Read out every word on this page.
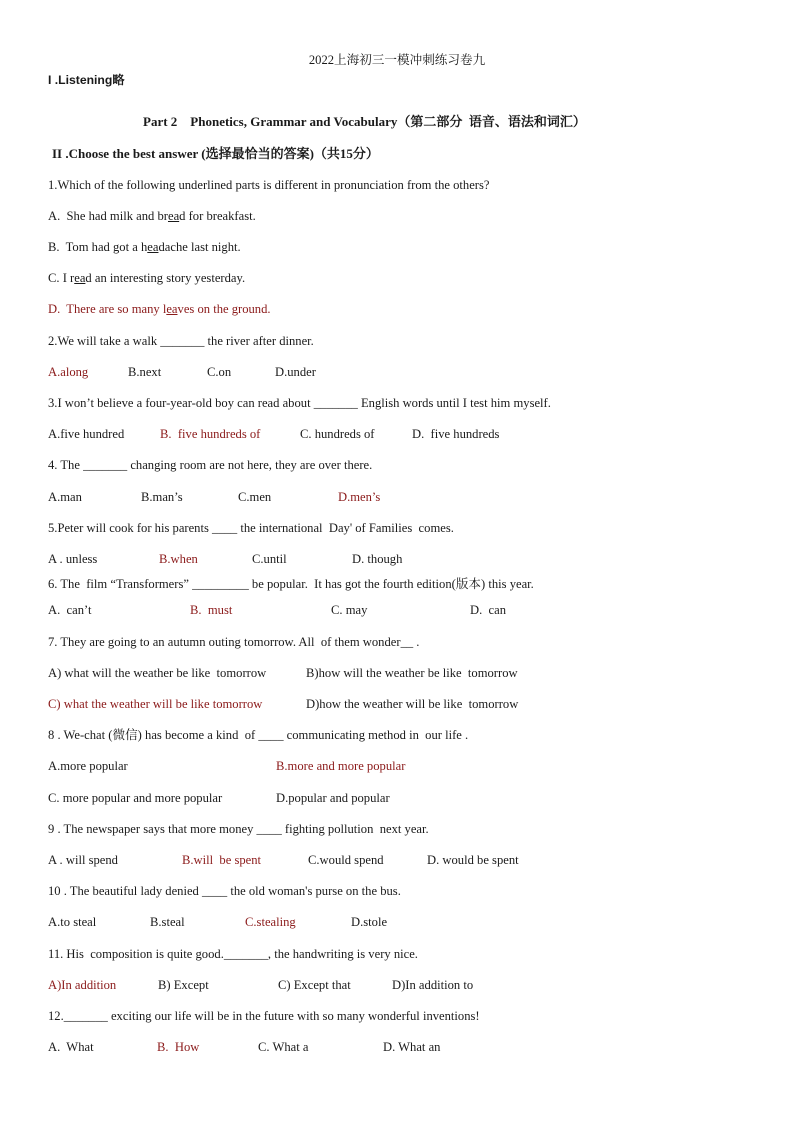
2022上海初三一模冲刺练习卷九
I .Listening略
Part 2    Phonetics, Grammar and Vocabulary（第二部分  语音、语法和词汇）
II .Choose the best answer (选择最恰当的答案)（共15分）
1.Which of the following underlined parts is different in pronunciation from the others?
A.  She had milk and bread for breakfast.
B.  Tom had got a headache last night.
C. I read an interesting story yesterday.
D.  There are so many leaves on the ground.
2.We will take a walk _______ the river after dinner.
A.along	B.next	C.on	D.under
3.I won’t believe a four-year-old boy can read about _______ English words until I test him myself.
A.five hundred	B.  five hundreds of	C. hundreds of	D.  five hundreds
4. The _______ changing room are not here, they are over there.
A.man	B.man’s	C.men	D.men’s
5.Peter will cook for his parents ____ the international  Day' of Families  comes.
A . unless	B.when	C.until	D. though
6. The  film “Transformers” _________ be popular.  It has got the fourth edition(版本) this year.
A.  can’t	B.  must	C. may	D.  can
7. They are going to an autumn outing tomorrow. All  of them wonder__ .
A) what will the weather be like  tomorrow	B)how will the weather be like  tomorrow
C) what the weather will be like tomorrow	D)how the weather will be like  tomorrow
8 . We-chat (微信) has become a kind  of ____ communicating method in  our life .
A.more popular	B.more and more popular
C. more popular and more popular	D.popular and popular
9 . The newspaper says that more money ____ fighting pollution  next year.
A . will spend	B.will  be spent	C.would spend	D. would be spent
10 . The beautiful lady denied ____ the old woman's purse on the bus.
A.to steal	B.steal	C.stealing	D.stole
11. His  composition is quite good._______, the handwriting is very nice.
A)In addition	B) Except	C) Except that	D)In addition to
12._______ exciting our life will be in the future with so many wonderful inventions!
A.  What	B.  How	C. What a	D. What an
